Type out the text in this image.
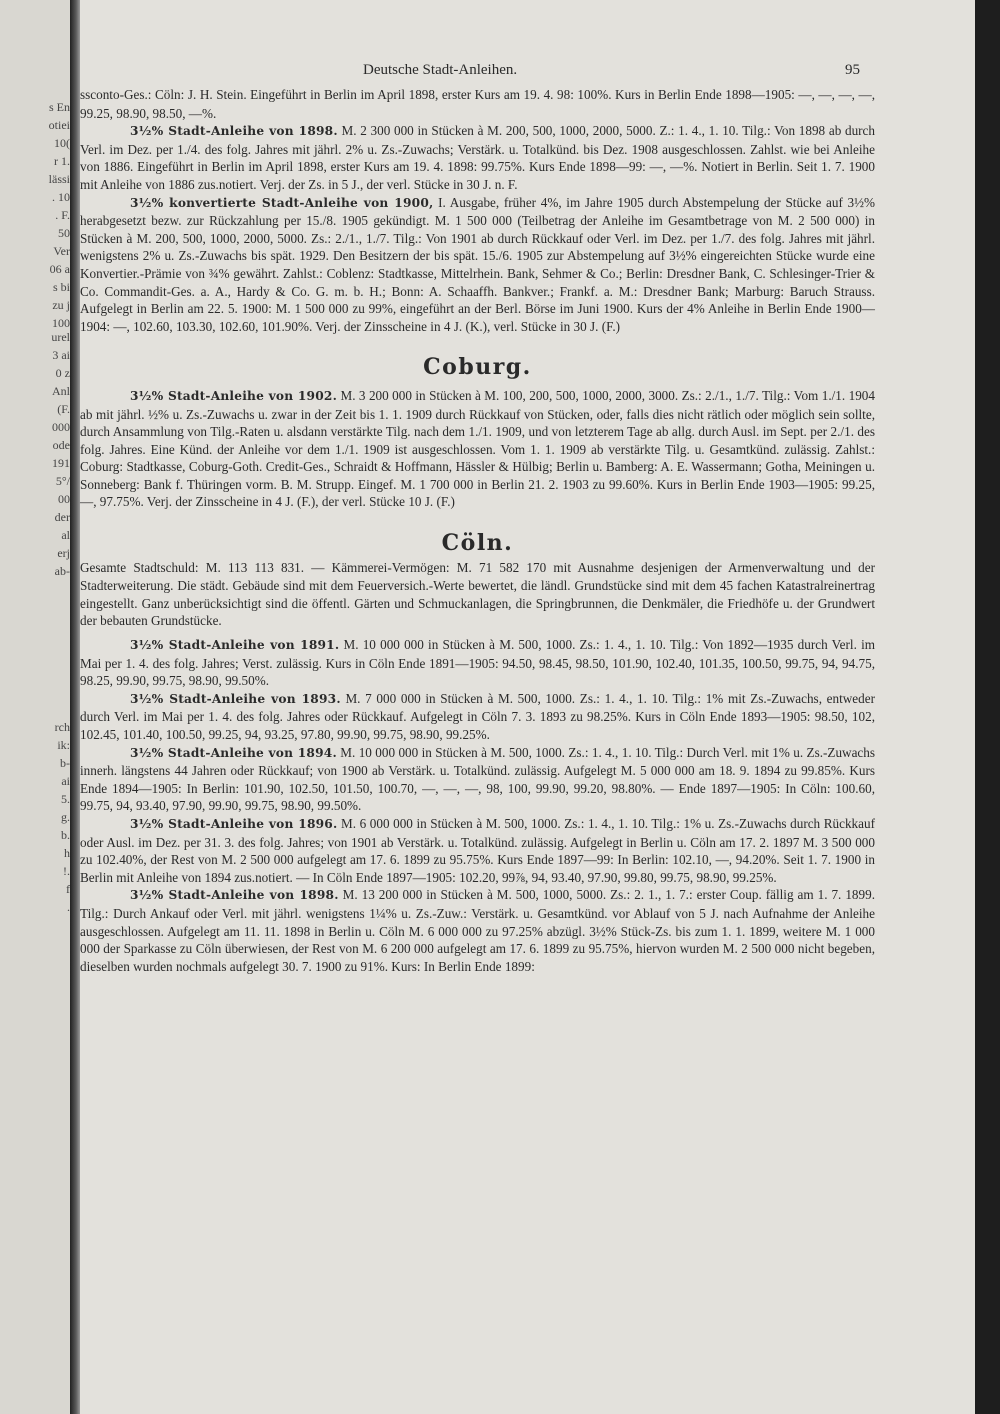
s En
otiei
10(
r 1.
lässi
. 10
. F.
50
Ver
06 a
s bi
zu j
100
urel
3 ai
0 z
Anl
(F.
000
ode
191
5°/
00
der
al
erj
ab-
rch
ik:
b-
ai
5.
g.
b.
h
!.
f
.
Deutsche Stadt-Anleihen.	95

ssconto-Ges.: Cöln: J. H. Stein. Eingeführt in Berlin im April 1898, erster Kurs am 19. 4. 98: 100%. Kurs in Berlin Ende 1898—1905: —, —, —, —, 99.25, 98.90, 98.50, —%.

3½% Stadt-Anleihe von 1898. M. 2 300 000 in Stücken à M. 200, 500, 1000, 2000, 5000. Z.: 1. 4., 1. 10. Tilg.: Von 1898 ab durch Verl. im Dez. per 1./4. des folg. Jahres mit jährl. 2% u. Zs.-Zuwachs; Verstärk. u. Totalkünd. bis Dez. 1908 ausgeschlossen. Zahlst. wie bei Anleihe von 1886. Eingeführt in Berlin im April 1898, erster Kurs am 19. 4. 1898: 99.75%. Kurs Ende 1898—99: —, —%. Notiert in Berlin. Seit 1. 7. 1900 mit Anleihe von 1886 zus.notiert. Verj. der Zs. in 5 J., der verl. Stücke in 30 J. n. F.

3½% konvertierte Stadt-Anleihe von 1900, I. Ausgabe, früher 4%, im Jahre 1905 durch Abstempelung der Stücke auf 3½% herabgesetzt bezw. zur Rückzahlung per 15./8. 1905 gekündigt. M. 1 500 000 (Teilbetrag der Anleihe im Gesamtbetrage von M. 2 500 000) in Stücken à M. 200, 500, 1000, 2000, 5000. Zs.: 2./1., 1./7. Tilg.: Von 1901 ab durch Rückkauf oder Verl. im Dez. per 1./7. des folg. Jahres mit jährl. wenigstens 2% u. Zs.-Zuwachs bis spät. 1929. Den Besitzern der bis spät. 15./6. 1905 zur Abstempelung auf 3½% eingereichten Stücke wurde eine Konvertier.-Prämie von ¾% gewährt. Zahlst.: Coblenz: Stadtkasse, Mittelrhein. Bank, Sehmer & Co.; Berlin: Dresdner Bank, C. Schlesinger-Trier & Co. Commandit-Ges. a. A., Hardy & Co. G. m. b. H.; Bonn: A. Schaaffh. Bankver.; Frankf. a. M.: Dresdner Bank; Marburg: Baruch Strauss. Aufgelegt in Berlin am 22. 5. 1900: M. 1 500 000 zu 99%, eingeführt an der Berl. Börse im Juni 1900. Kurs der 4% Anleihe in Berlin Ende 1900—1904: —, 102.60, 103.30, 102.60, 101.90%. Verj. der Zinsscheine in 4 J. (K.), verl. Stücke in 30 J. (F.)

Coburg.

3½% Stadt-Anleihe von 1902. M. 3 200 000 in Stücken à M. 100, 200, 500, 1000, 2000, 3000. Zs.: 2./1., 1./7. Tilg.: Vom 1./1. 1904 ab mit jährl. ½% u. Zs.-Zuwachs u. zwar in der Zeit bis 1. 1. 1909 durch Rückkauf von Stücken, oder, falls dies nicht rätlich oder möglich sein sollte, durch Ansammlung von Tilg.-Raten u. alsdann verstärkte Tilg. nach dem 1./1. 1909, und von letzterem Tage ab allg. durch Ausl. im Sept. per 2./1. des folg. Jahres. Eine Künd. der Anleihe vor dem 1./1. 1909 ist ausgeschlossen. Vom 1. 1. 1909 ab verstärkte Tilg. u. Gesamtkünd. zulässig. Zahlst.: Coburg: Stadtkasse, Coburg-Goth. Credit-Ges., Schraidt & Hoffmann, Hässler & Hülbig; Berlin u. Bamberg: A. E. Wassermann; Gotha, Meiningen u. Sonneberg: Bank f. Thüringen vorm. B. M. Strupp. Eingef. M. 1 700 000 in Berlin 21. 2. 1903 zu 99.60%. Kurs in Berlin Ende 1903—1905: 99.25, —, 97.75%. Verj. der Zinsscheine in 4 J. (F.), der verl. Stücke 10 J. (F.)

Cöln.

Gesamte Stadtschuld: M. 113 113 831. — Kämmerei-Vermögen: M. 71 582 170 mit Ausnahme desjenigen der Armenverwaltung und der Stadterweiterung. Die städt. Gebäude sind mit dem Feuerversich.-Werte bewertet, die ländl. Grundstücke sind mit dem 45 fachen Katastralreinertrag eingestellt. Ganz unberücksichtigt sind die öffentl. Gärten und Schmuckanlagen, die Springbrunnen, die Denkmäler, die Friedhöfe u. der Grundwert der bebauten Grundstücke.

3½% Stadt-Anleihe von 1891. M. 10 000 000 in Stücken à M. 500, 1000. Zs.: 1. 4., 1. 10. Tilg.: Von 1892—1935 durch Verl. im Mai per 1. 4. des folg. Jahres; Verst. zulässig. Kurs in Cöln Ende 1891—1905: 94.50, 98.45, 98.50, 101.90, 102.40, 101.35, 100.50, 99.75, 94, 94.75, 98.25, 99.90, 99.75, 98.90, 99.50%.

3½% Stadt-Anleihe von 1893. M. 7 000 000 in Stücken à M. 500, 1000. Zs.: 1. 4., 1. 10. Tilg.: 1% mit Zs.-Zuwachs, entweder durch Verl. im Mai per 1. 4. des folg. Jahres oder Rückkauf. Aufgelegt in Cöln 7. 3. 1893 zu 98.25%. Kurs in Cöln Ende 1893—1905: 98.50, 102, 102.45, 101.40, 100.50, 99.25, 94, 93.25, 97.80, 99.90, 99.75, 98.90, 99.25%.

3½% Stadt-Anleihe von 1894. M. 10 000 000 in Stücken à M. 500, 1000. Zs.: 1. 4., 1. 10. Tilg.: Durch Verl. mit 1% u. Zs.-Zuwachs innerh. längstens 44 Jahren oder Rückkauf; von 1900 ab Verstärk. u. Totalkünd. zulässig. Aufgelegt M. 5 000 000 am 18. 9. 1894 zu 99.85%. Kurs Ende 1894—1905: In Berlin: 101.90, 102.50, 101.50, 100.70, —, —, —, 98, 100, 99.90, 99.20, 98.80%. — Ende 1897—1905: In Cöln: 100.60, 99.75, 94, 93.40, 97.90, 99.90, 99.75, 98.90, 99.50%.

3½% Stadt-Anleihe von 1896. M. 6 000 000 in Stücken à M. 500, 1000. Zs.: 1. 4., 1. 10. Tilg.: 1% u. Zs.-Zuwachs durch Rückkauf oder Ausl. im Dez. per 31. 3. des folg. Jahres; von 1901 ab Verstärk. u. Totalkünd. zulässig. Aufgelegt in Berlin u. Cöln am 17. 2. 1897 M. 3 500 000 zu 102.40%, der Rest von M. 2 500 000 aufgelegt am 17. 6. 1899 zu 95.75%. Kurs Ende 1897—99: In Berlin: 102.10, —, 94.20%. Seit 1. 7. 1900 in Berlin mit Anleihe von 1894 zus.notiert. — In Cöln Ende 1897—1905: 102.20, 99⅞, 94, 93.40, 97.90, 99.80, 99.75, 98.90, 99.25%.

3½% Stadt-Anleihe von 1898. M. 13 200 000 in Stücken à M. 500, 1000, 5000. Zs.: 2. 1., 1. 7.: erster Coup. fällig am 1. 7. 1899. Tilg.: Durch Ankauf oder Verl. mit jährl. wenigstens 1¼% u. Zs.-Zuw.: Verstärk. u. Gesamtkünd. vor Ablauf von 5 J. nach Aufnahme der Anleihe ausgeschlossen. Aufgelegt am 11. 11. 1898 in Berlin u. Cöln M. 6 000 000 zu 97.25% abzügl. 3½% Stück-Zs. bis zum 1. 1. 1899, weitere M. 1 000 000 der Sparkasse zu Cöln überwiesen, der Rest von M. 6 200 000 aufgelegt am 17. 6. 1899 zu 95.75%, hiervon wurden M. 2 500 000 nicht begeben, dieselben wurden nochmals aufgelegt 30. 7. 1900 zu 91%. Kurs: In Berlin Ende 1899:
